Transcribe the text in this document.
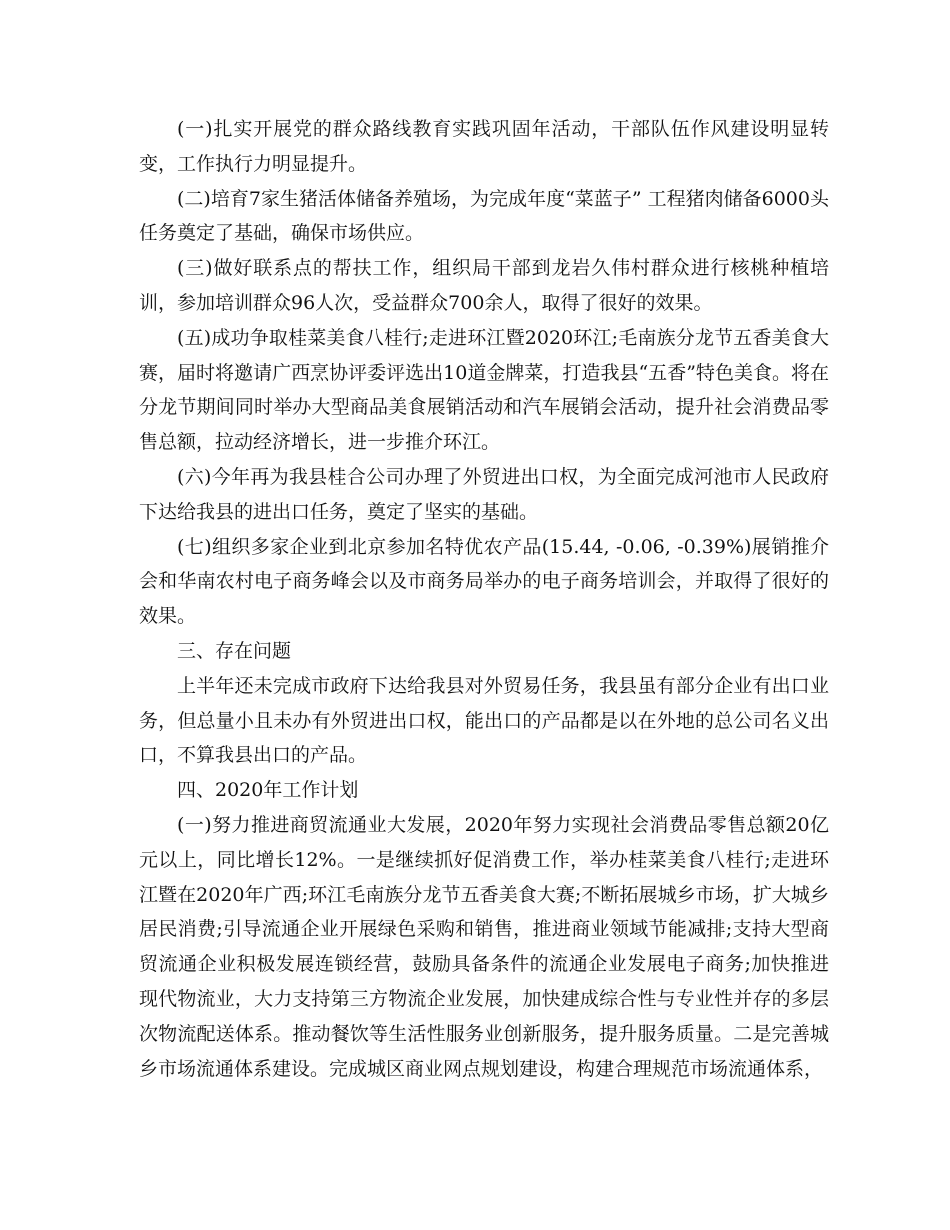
(一)扎实开展党的群众路线教育实践巩固年活动，干部队伍作风建设明显转变，工作执行力明显提升。

(二)培育7家生猪活体储备养殖场，为完成年度“菜蓝子” 工程猪肉储备6000头任务奠定了基础，确保市场供应。

(三)做好联系点的帮扶工作，组织局干部到龙岩久伟村群众进行核桃种植培训，参加培训群众96人次，受益群众700余人，取得了很好的效果。

(五)成功争取桂菜美食八桂行;走进环江暨2020环江;毛南族分龙节五香美食大赛，届时将邀请广西烹协评委评选出10道金牌菜，打造我县“五香”特色美食。将在分龙节期间同时举办大型商品美食展销活动和汽车展销会活动，提升社会消费品零售总额，拉动经济增长，进一步推介环江。

(六)今年再为我县桂合公司办理了外贸进出口权，为全面完成河池市人民政府下达给我县的进出口任务，奠定了坚实的基础。

(七)组织多家企业到北京参加名特优农产品(15.44, -0.06, -0.39%)展销推介会和华南农村电子商务峰会以及市商务局举办的电子商务培训会，并取得了很好的效果。

三、存在问题

上半年还未完成市政府下达给我县对外贸易任务，我县虽有部分企业有出口业务，但总量小且未办有外贸进出口权，能出口的产品都是以在外地的总公司名义出口，不算我县出口的产品。

四、2020年工作计划

(一)努力推进商贸流通业大发展，2020年努力实现社会消费品零售总额20亿元以上，同比增长12%。一是继续抓好促消费工作，举办桂菜美食八桂行;走进环江暨在2020年广西;环江毛南族分龙节五香美食大赛;不断拓展城乡市场，扩大城乡居民消费;引导流通企业开展绿色采购和销售，推进商业领域节能减排;支持大型商贸流通企业积极发展连锁经营，鼓励具备条件的流通企业发展电子商务;加快推进现代物流业，大力支持第三方物流企业发展，加快建成综合性与专业性并存的多层次物流配送体系。推动餐饮等生活性服务业创新服务，提升服务质量。二是完善城乡市场流通体系建设。完成城区商业网点规划建设，构建合理规范市场流通体系，
